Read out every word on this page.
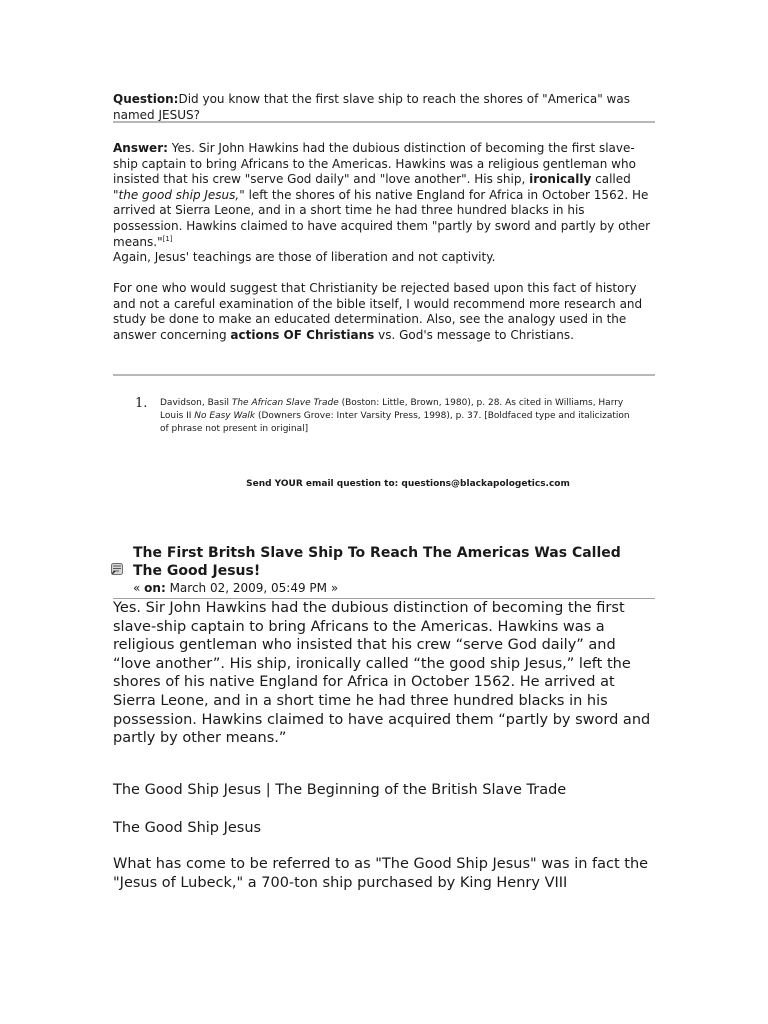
Question:Did you know that the first slave ship to reach the shores of "America" was named JESUS?

Answer: Yes. Sir John Hawkins had the dubious distinction of becoming the first slave-ship captain to bring Africans to the Americas. Hawkins was a religious gentleman who insisted that his crew "serve God daily" and "love another". His ship, ironically called "the good ship Jesus," left the shores of his native England for Africa in October 1562. He arrived at Sierra Leone, and in a short time he had three hundred blacks in his possession. Hawkins claimed to have acquired them "partly by sword and partly by other means."[1]

Again, Jesus' teachings are those of liberation and not captivity.

For one who would suggest that Christianity be rejected based upon this fact of history and not a careful examination of the bible itself, I would recommend more research and study be done to make an educated determination. Also, see the analogy used in the answer concerning actions OF Christians vs. God's message to Christians.
1. Davidson, Basil The African Slave Trade (Boston: Little, Brown, 1980), p. 28. As cited in Williams, Harry Louis II No Easy Walk (Downers Grove: Inter Varsity Press, 1998), p. 37. [Boldfaced type and italicization of phrase not present in original]
Send YOUR email question to: questions@blackapologetics.com
The First Britsh Slave Ship To Reach The Americas Was Called The Good Jesus!
« on: March 02, 2009, 05:49 PM »

Yes. Sir John Hawkins had the dubious distinction of becoming the first slave-ship captain to bring Africans to the Americas. Hawkins was a religious gentleman who insisted that his crew “serve God daily” and “love another”. His ship, ironically called “the good ship Jesus,” left the shores of his native England for Africa in October 1562. He arrived at Sierra Leone, and in a short time he had three hundred blacks in his possession. Hawkins claimed to have acquired them “partly by sword and partly by other means.”

The Good Ship Jesus | The Beginning of the British Slave Trade

The Good Ship Jesus

What has come to be referred to as "The Good Ship Jesus" was in fact the "Jesus of Lubeck," a 700-ton ship purchased by King Henry VIII
